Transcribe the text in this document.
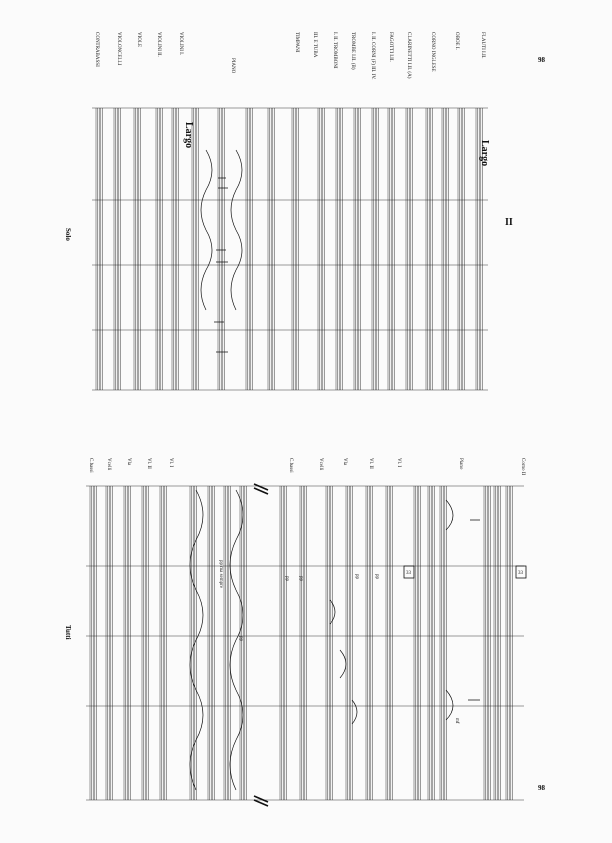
FLAUTI I.II.
OBOE I.
CORNO INGLESE
CLARINETTI I.II. (A)
FAGOTTI I.II.
I. II. CORNI (F) III. IV.
TROMBE I.II. (B)
I. II. TROMBONI
III. E TUBA
TIMPANI
VIOLINI I.
VIOLINI II.
VIOLE
VIOLONCELLI
CONTRABASSI	PIANO
Largo
Largo
II
Solo
98
Vl. I
Vl. II
Vla
Vcelli
C.bassi
Vl. I
Vl. II
Vla
Vcelli
C.bassi
Tutti
Corno II
Piano
98
33	33
pp pp	pp	pp
mf
pp ma sempre
pp
